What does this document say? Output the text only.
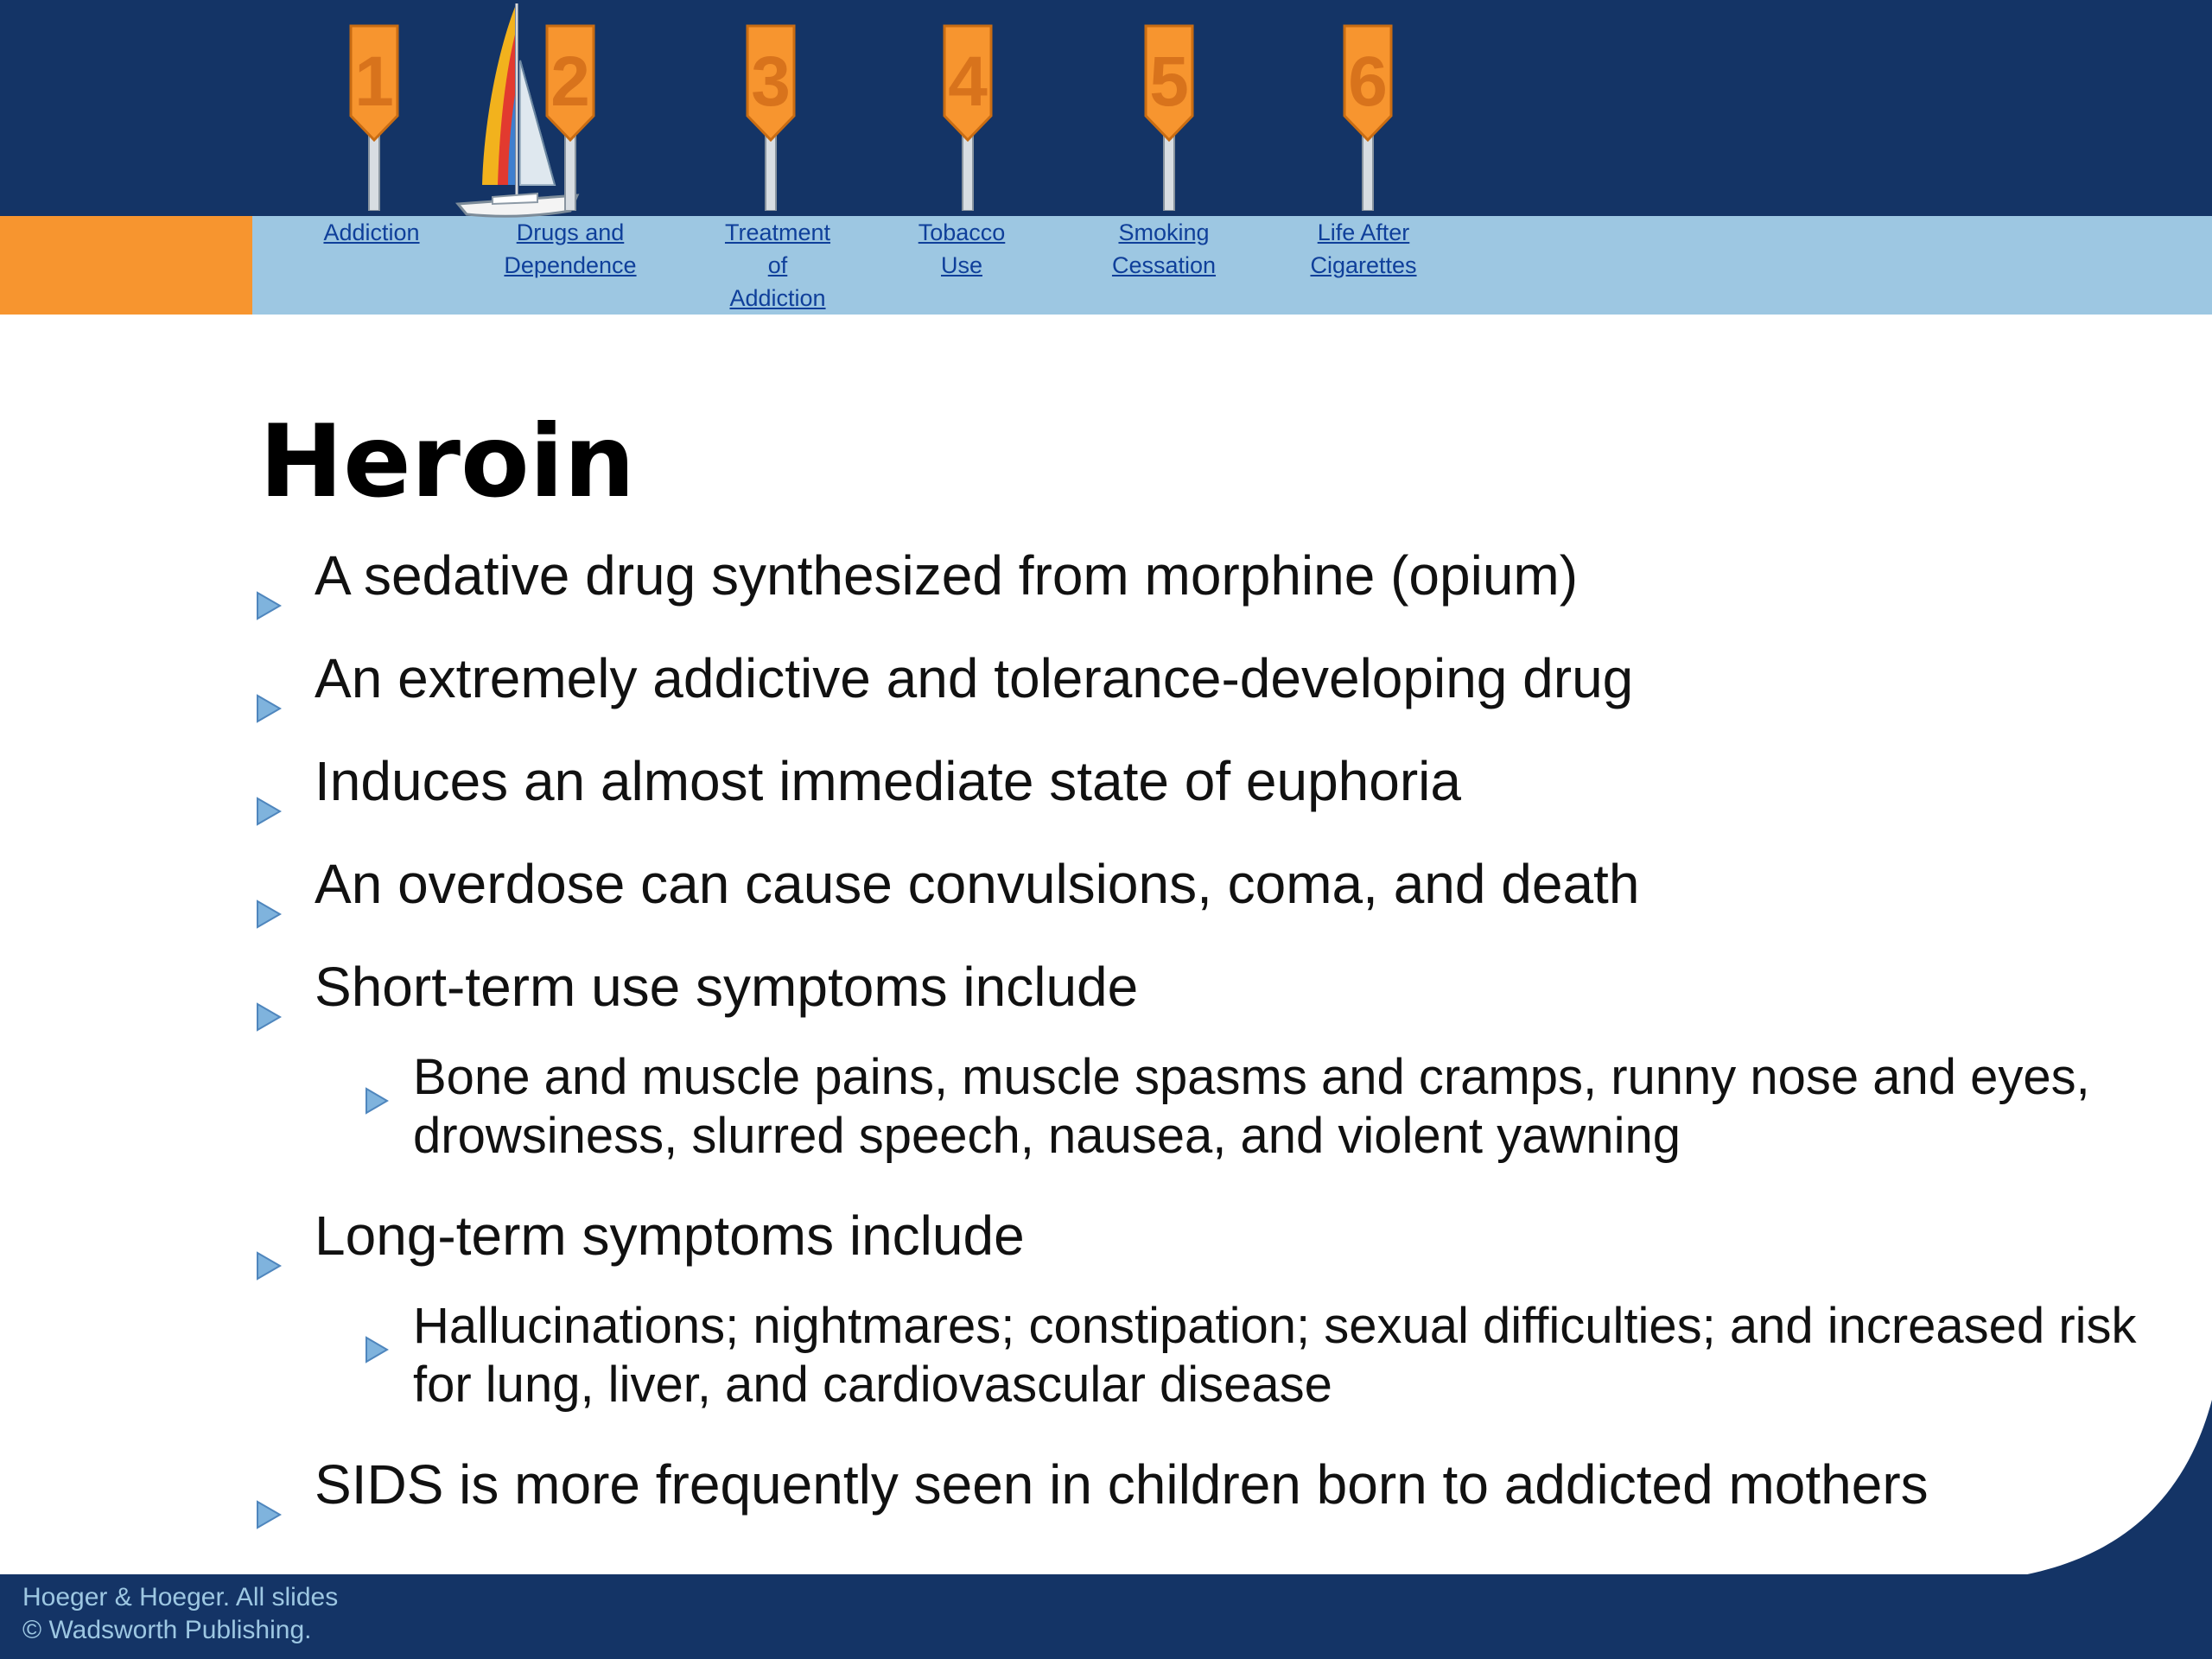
1 2 3 4 5 6
Addiction	Drugs and
Dependence
Treatment
of
Addiction
Tobacco
Use
Smoking
Cessation
Life After
Cigarettes
Heroin
A sedative drug synthesized from morphine (opium)
An extremely addictive and tolerance-developing drug
Induces an almost immediate state of euphoria
An overdose can cause convulsions, coma, and death
Short-term use symptoms include
Bone and muscle pains, muscle spasms and cramps, runny nose and eyes, drowsiness, slurred speech, nausea, and violent yawning
Long-term symptoms include
Hallucinations; nightmares; constipation; sexual difficulties; and increased risk for lung, liver, and cardiovascular disease
SIDS is more frequently seen in children born to addicted mothers
Hoeger & Hoeger. All slides
© Wadsworth Publishing.
